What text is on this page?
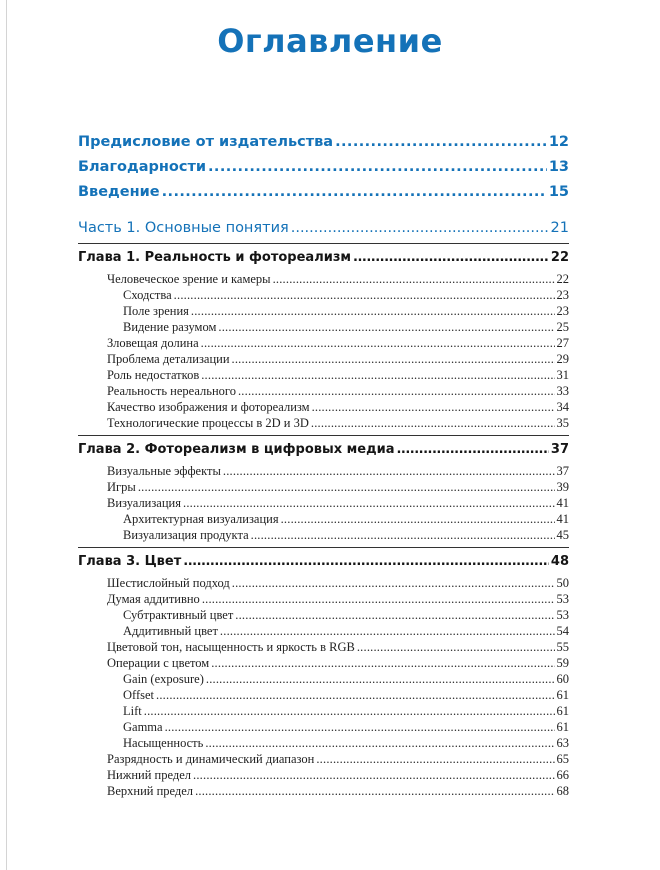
Оглавление
Предисловие от издательства .....	12
Благодарности .....	13
Введение .....	15
Часть 1. Основные понятия .....	21
Глава 1. Реальность и фотореализм .....	22
Человеческое зрение и камеры .....	22
Сходства .....	23
Поле зрения .....	23
Видение разумом .....	25
Зловещая долина .....	27
Проблема детализации .....	29
Роль недостатков .....	31
Реальность нереального .....	33
Качество изображения и фотореализм .....	34
Технологические процессы в 2D и 3D .....	35
Глава 2. Фотореализм в цифровых медиа .....	37
Визуальные эффекты .....	37
Игры .....	39
Визуализация .....	41
Архитектурная визуализация .....	41
Визуализация продукта .....	45
Глава 3. Цвет .....	48
Шестислойный подход .....	50
Думая аддитивно .....	53
Субтрактивный цвет .....	53
Аддитивный цвет .....	54
Цветовой тон, насыщенность и яркость в RGB .....	55
Операции с цветом .....	59
Gain (exposure) .....	60
Offset .....	61
Lift .....	61
Gamma .....	61
Насыщенность .....	63
Разрядность и динамический диапазон .....	65
Нижний предел .....	66
Верхний предел .....	68
